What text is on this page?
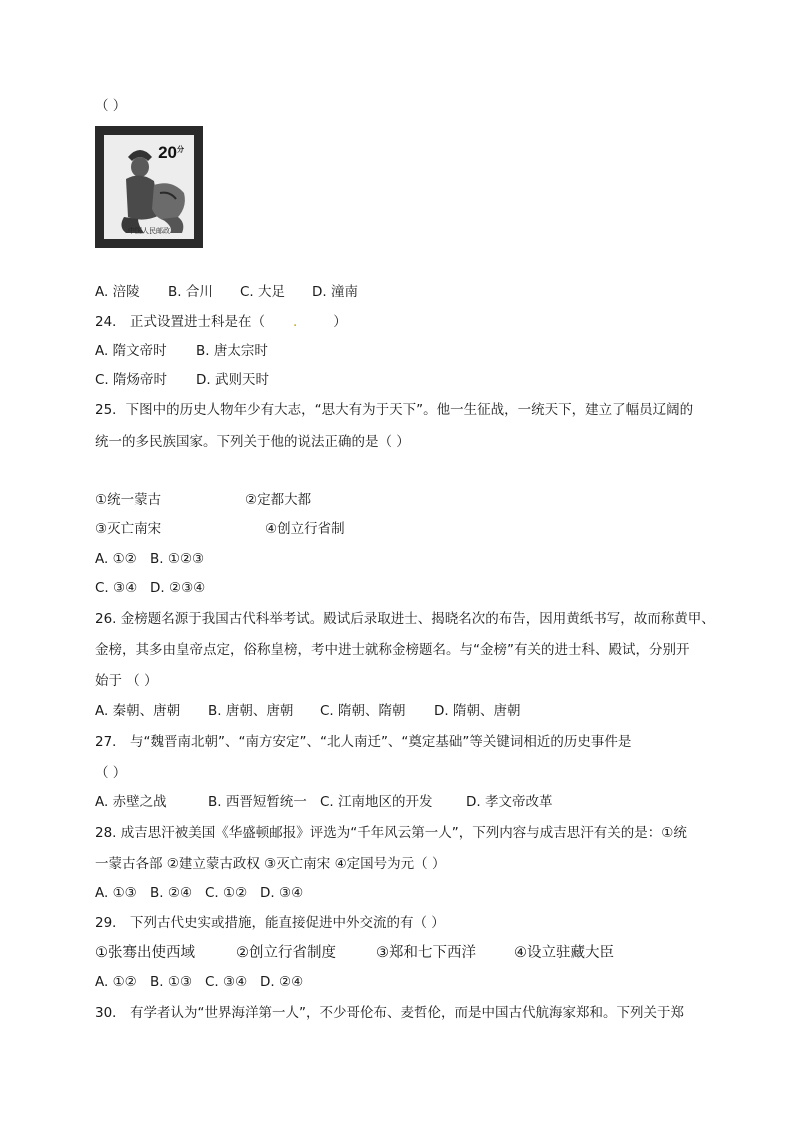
（ ）
$20^分$
中国人民邮政
A. 涪陵 B. 合川 C. 大足 D. 潼南
24． 正式设置进士科是在（ .	）
A. 隋文帝时 B. 唐太宗时
C. 隋炀帝时 D. 武则天时
25．下图中的历史人物年少有大志，“思大有为于天下”。他一生征战，一统天下，建立了幅员辽阔的
统一的多民族国家。下列关于他的说法正确的是（ ）
①统一蒙古	②定都大都
③灭亡南宋	④创立行省制
A. ①② B. ①②③
C. ③④ D. ②③④
26. 金榜题名源于我国古代科举考试。殿试后录取进士、揭晓名次的布告，因用黄纸书写，故而称黄甲、
金榜，其多由皇帝点定，俗称皇榜，考中进士就称金榜题名。与“金榜”有关的进士科、殿试，分别开
始于 （ ）
A. 秦朝、唐朝 B. 唐朝、唐朝 C. 隋朝、隋朝 D. 隋朝、唐朝
27． 与“魏晋南北朝”、“南方安定”、“北人南迁”、“奠定基础”等关键词相近的历史事件是
（ ）
A. 赤壁之战	B. 西晋短暂统一 C. 江南地区的开发 D. 孝文帝改革
28. 成吉思汗被美国《华盛顿邮报》评选为“千年风云第一人”，下列内容与成吉思汗有关的是：①统
一蒙古各部 ②建立蒙古政权 ③灭亡南宋 ④定国号为元（ ）
A. ①③ B. ②④ C. ①② D. ③④
29． 下列古代史实或措施，能直接促进中外交流的有（ ）
①张骞出使西域	②创立行省制度	③郑和七下西洋	④设立驻藏大臣
A. ①② B. ①③ C. ③④ D. ②④
30． 有学者认为“世界海洋第一人”，不少哥伦布、麦哲伦，而是中国古代航海家郑和。下列关于郑
